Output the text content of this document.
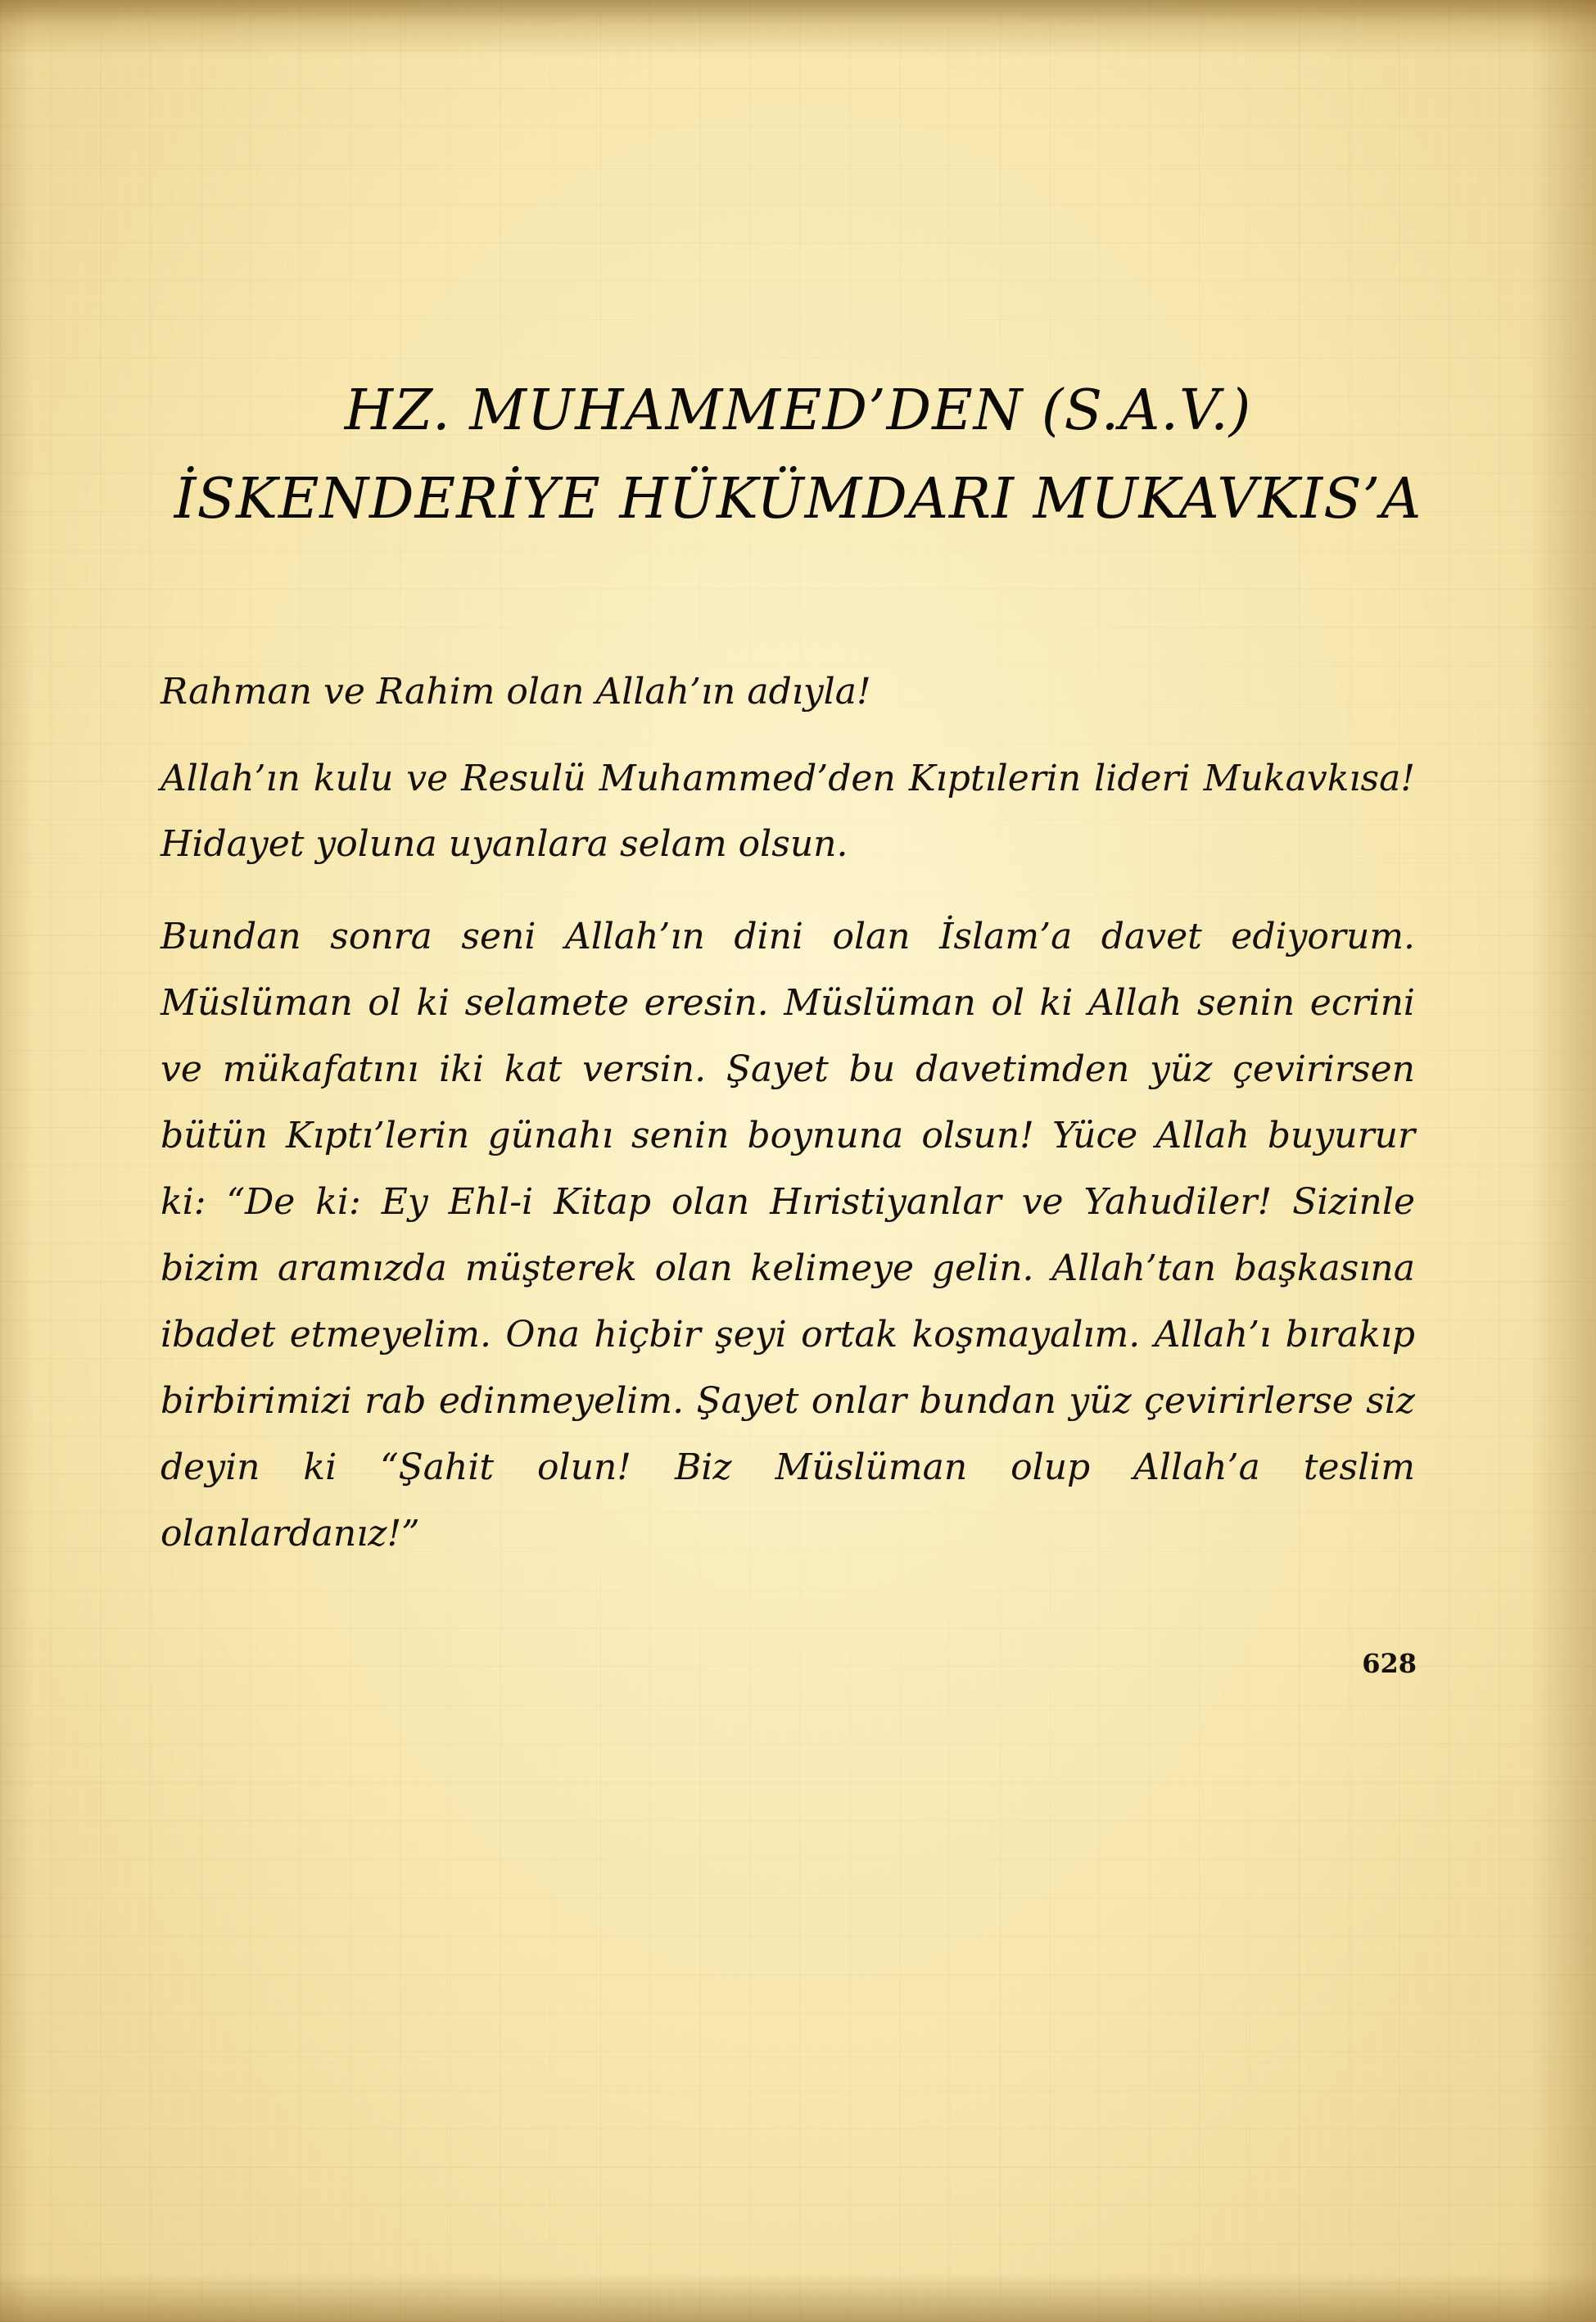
HZ. MUHAMMED’DEN (S.A.V.)
İSKENDERİYE HÜKÜMDARI MUKAVKIS’A

Rahman ve Rahim olan Allah’ın adıyla!

Allah’ın kulu ve Resulü Muhammed’den Kıptılerin lideri Mukavkısa! Hidayet yoluna uyanlara selam olsun.

Bundan sonra seni Allah’ın dini olan İslam’a davet ediyorum. Müslüman ol ki selamete eresin. Müslüman ol ki Allah senin ecrini ve mükafatını iki kat versin. Şayet bu davetimden yüz çevirirsen bütün Kıptı’lerin günahı senin boynuna olsun! Yüce Allah buyurur ki: “De ki: Ey Ehl-i Kitap olan Hıristiyanlar ve Yahudiler! Sizinle bizim aramızda müşterek olan kelimeye gelin. Allah’tan başkasına ibadet etmeyelim. Ona hiçbir şeyi ortak koşmayalım. Allah’ı bırakıp birbirimizi rab edinmeyelim. Şayet onlar bundan yüz çevirirlerse siz deyin ki “Şahit olun! Biz Müslüman olup Allah’a teslim olanlardanız!”

628
